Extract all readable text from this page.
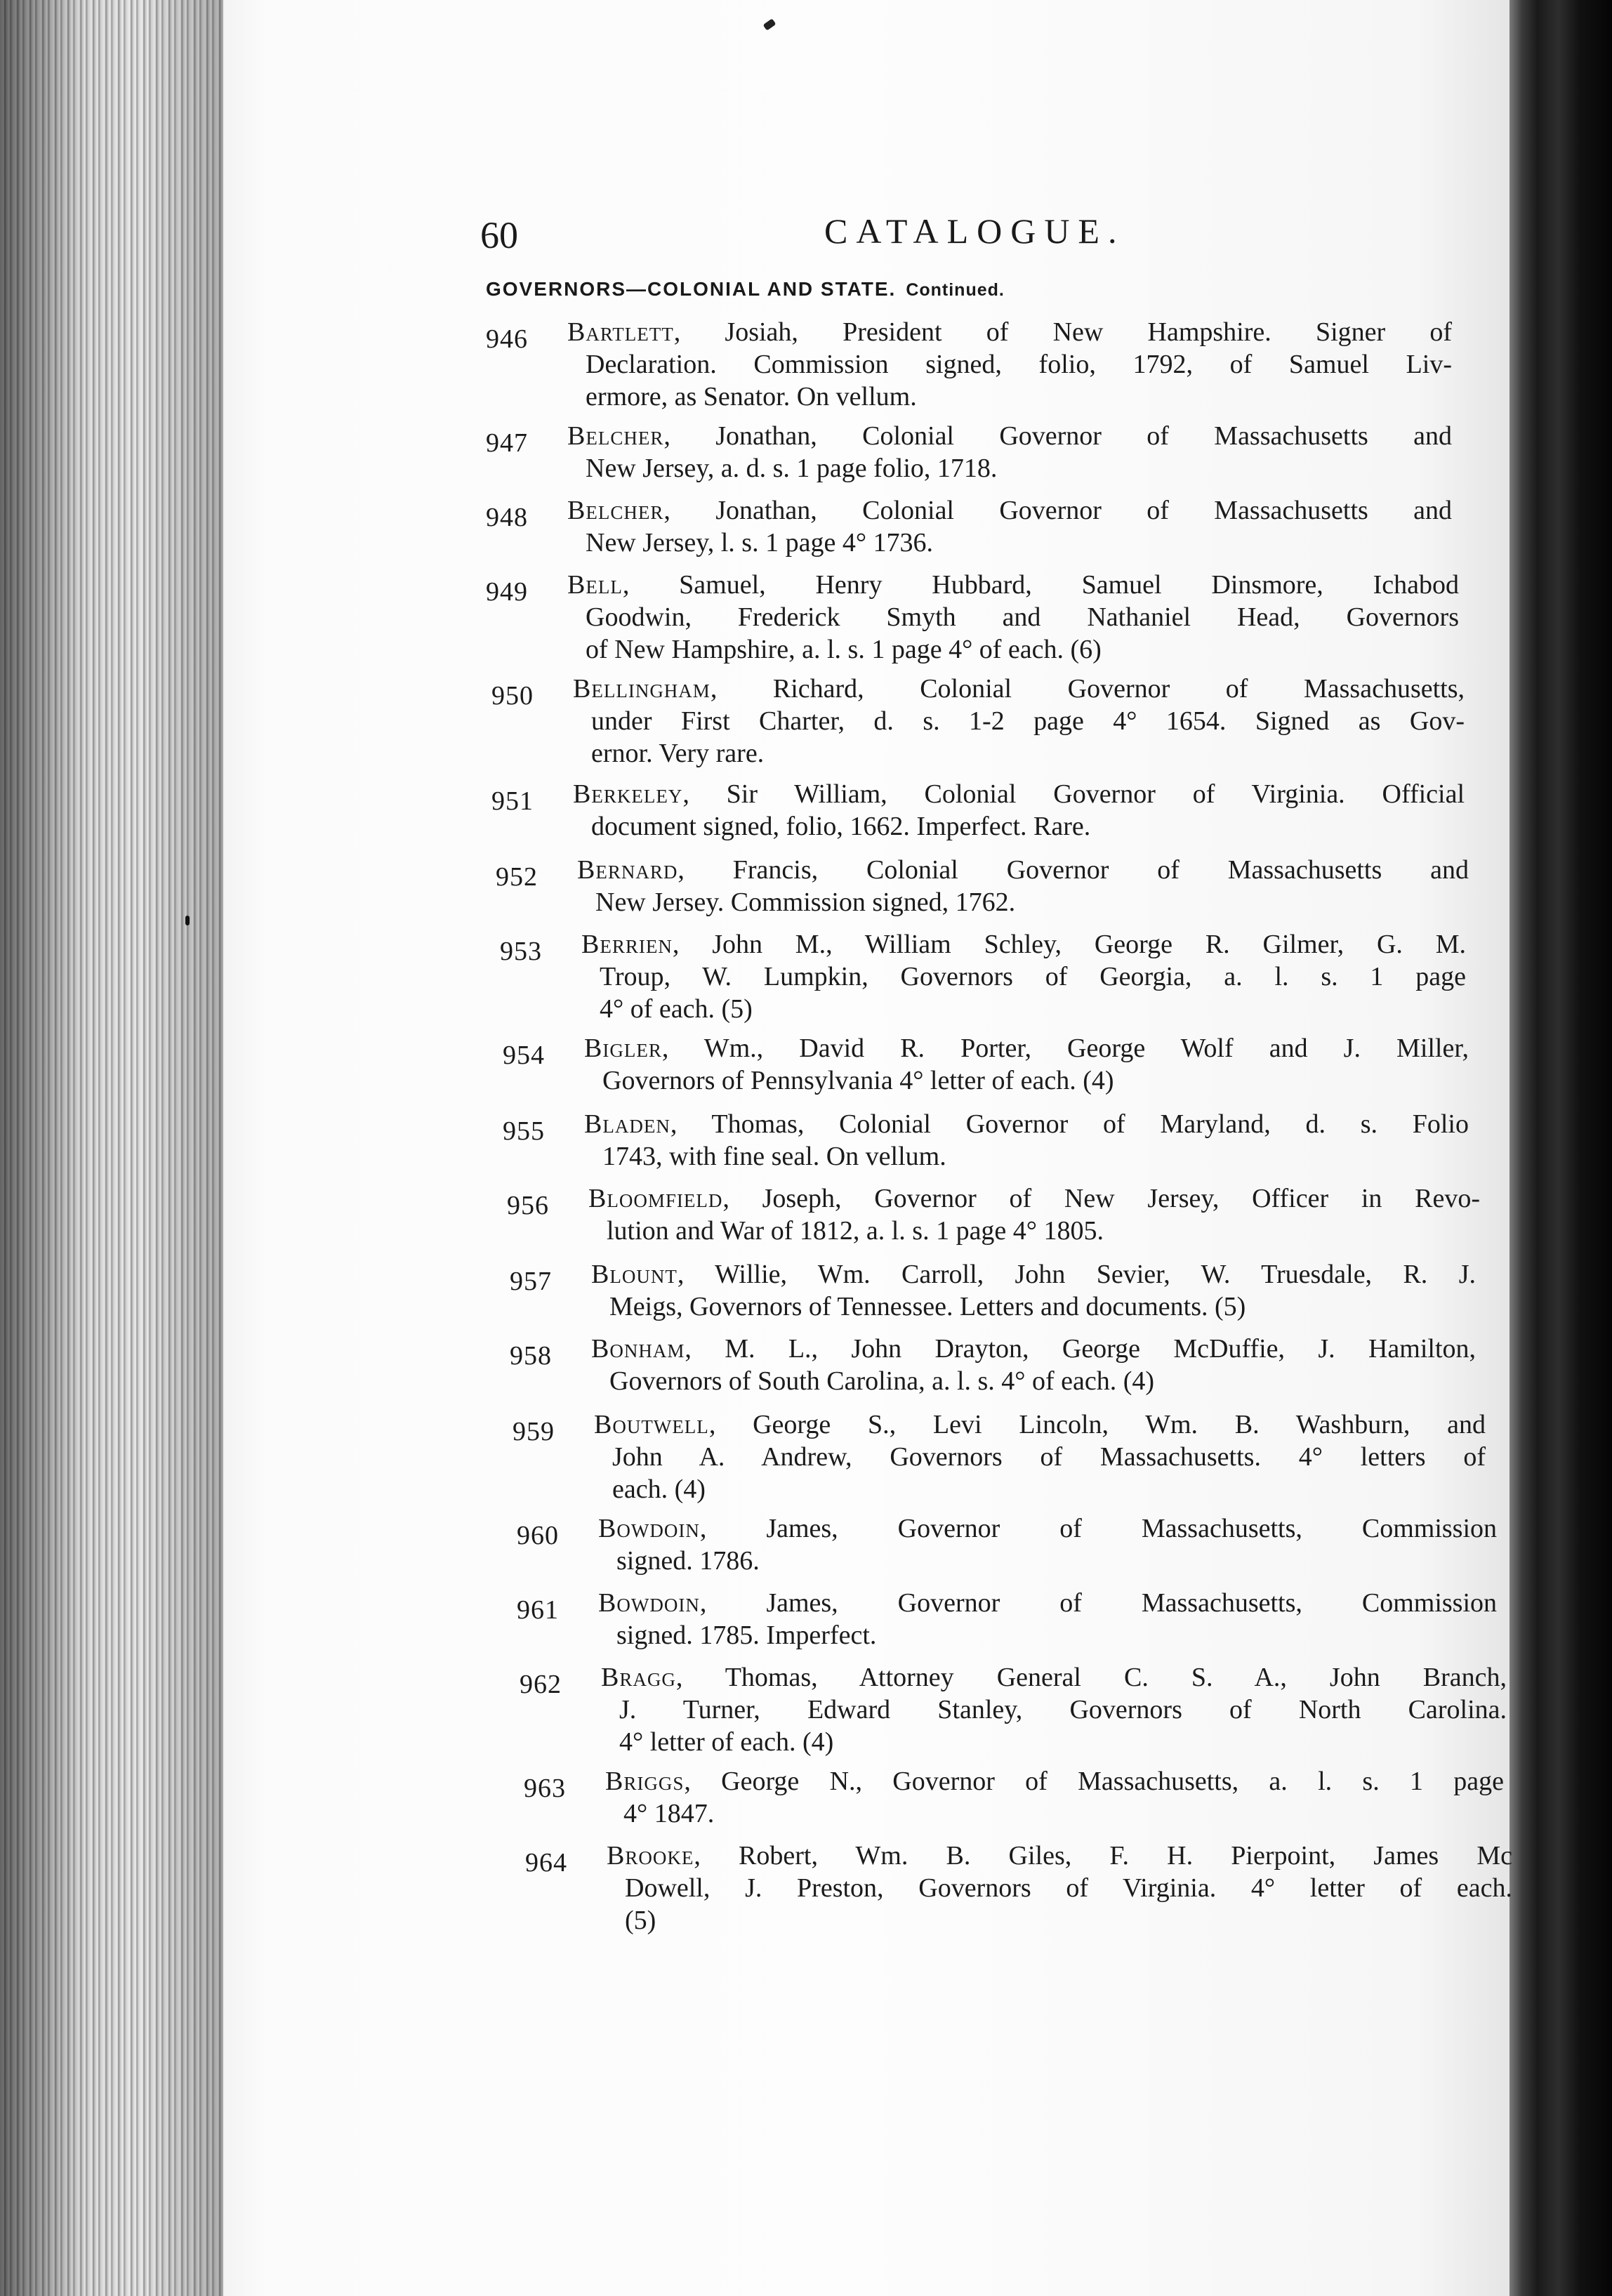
60	CATALOGUE.
GOVERNORS—COLONIAL AND STATE. Continued.
946 Bartlett, Josiah, President of New Hampshire. Signer of
Declaration. Commission signed, folio, 1792, of Samuel Liv-
ermore, as Senator. On vellum.
947 Belcher, Jonathan, Colonial Governor of Massachusetts and
New Jersey, a. d. s. 1 page folio, 1718.
948 Belcher, Jonathan, Colonial Governor of Massachusetts and
New Jersey, l. s. 1 page 4° 1736.
949 Bell, Samuel, Henry Hubbard, Samuel Dinsmore, Ichabod
Goodwin, Frederick Smyth and Nathaniel Head, Governors
of New Hampshire, a. l. s. 1 page 4° of each. (6)
950 Bellingham, Richard, Colonial Governor of Massachusetts,
under First Charter, d. s. 1-2 page 4° 1654. Signed as Gov-
ernor. Very rare.
951 Berkeley, Sir William, Colonial Governor of Virginia. Official
document signed, folio, 1662. Imperfect. Rare.
952 Bernard, Francis, Colonial Governor of Massachusetts and
New Jersey. Commission signed, 1762.
953 Berrien, John M., William Schley, George R. Gilmer, G. M.
Troup, W. Lumpkin, Governors of Georgia, a. l. s. 1 page
4° of each. (5)
954 Bigler, Wm., David R. Porter, George Wolf and J. Miller,
Governors of Pennsylvania 4° letter of each. (4)
955 Bladen, Thomas, Colonial Governor of Maryland, d. s. Folio
1743, with fine seal. On vellum.
956 Bloomfield, Joseph, Governor of New Jersey, Officer in Revo-
lution and War of 1812, a. l. s. 1 page 4° 1805.
957 Blount, Willie, Wm. Carroll, John Sevier, W. Truesdale, R. J.
Meigs, Governors of Tennessee. Letters and documents. (5)
958 Bonham, M. L., John Drayton, George McDuffie, J. Hamilton,
Governors of South Carolina, a. l. s. 4° of each. (4)
959 Boutwell, George S., Levi Lincoln, Wm. B. Washburn, and
John A. Andrew, Governors of Massachusetts. 4° letters of
each. (4)
960 Bowdoin, James, Governor of Massachusetts, Commission
signed. 1786.
961 Bowdoin, James, Governor of Massachusetts, Commission
signed. 1785. Imperfect.
962 Bragg, Thomas, Attorney General C. S. A., John Branch,
J. Turner, Edward Stanley, Governors of North Carolina.
4° letter of each. (4)
963 Briggs, George N., Governor of Massachusetts, a. l. s. 1 page
4° 1847.
964 Brooke, Robert, Wm. B. Giles, F. H. Pierpoint, James Mc
Dowell, J. Preston, Governors of Virginia. 4° letter of each.
(5)
